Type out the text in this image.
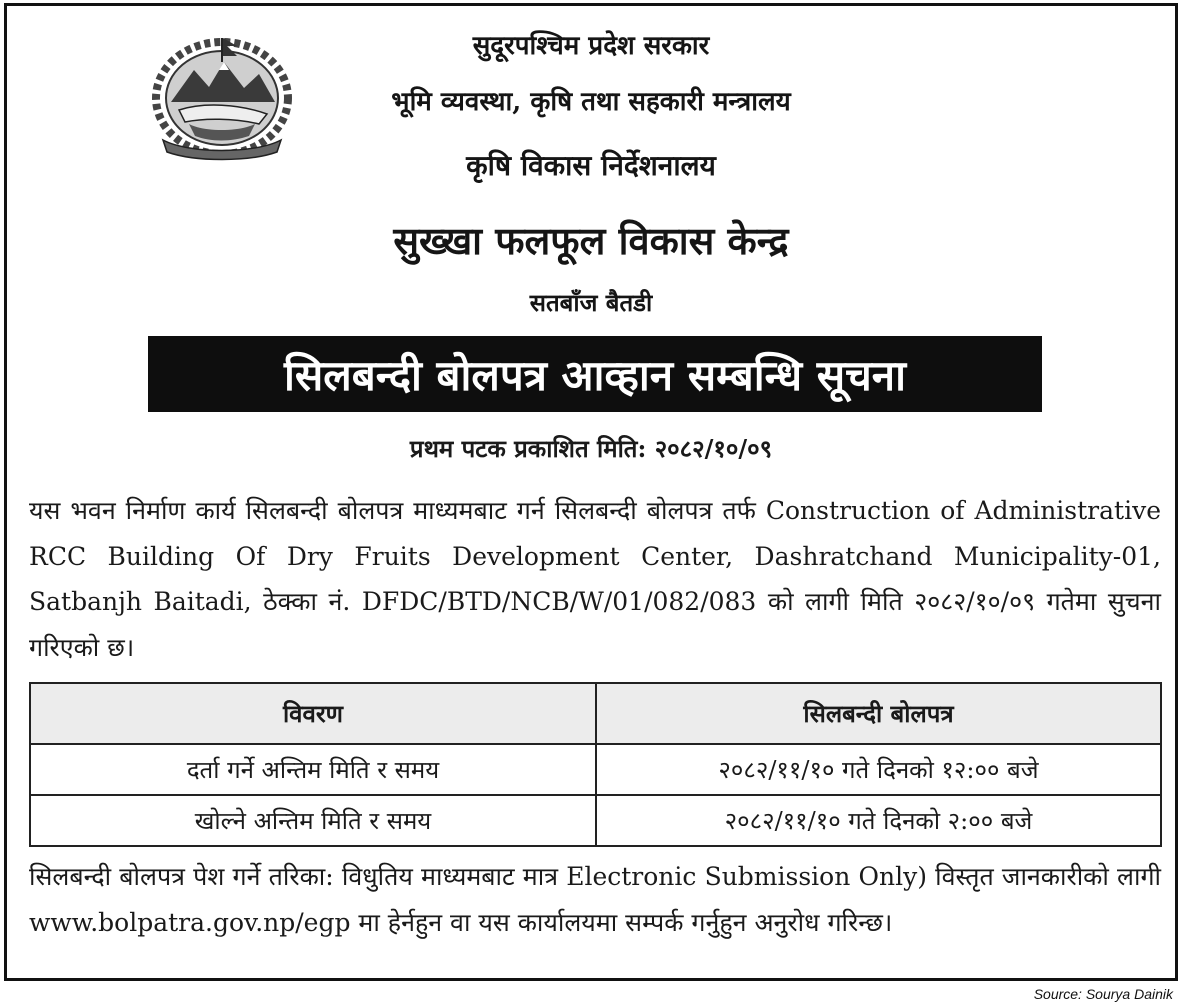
सुदूरपश्चिम प्रदेश सरकार
भूमि व्यवस्था, कृषि तथा सहकारी मन्त्रालय
कृषि विकास निर्देशनालय
सुख्खा फलफूल विकास केन्द्र
सतबाँज बैतडी
सिलबन्दी बोलपत्र आव्हान सम्बन्धि सूचना
प्रथम पटक प्रकाशित मिति: २०८२/१०/०९
यस भवन निर्माण कार्य सिलबन्दी बोलपत्र माध्यमबाट गर्न सिलबन्दी बोलपत्र तर्फ Construction of Administrative RCC Building Of Dry Fruits Development Center, Dashratchand Municipality-01, Satbanjh Baitadi, ठेक्का नं. DFDC/BTD/NCB/W/01/082/083 को लागी मिति २०८२/१०/०९ गतेमा सुचना गरिएको छ।
विवरण	सिलबन्दी बोलपत्र
दर्ता गर्ने अन्तिम मिति र समय	२०८२/११/१० गते दिनको १२:०० बजे
खोल्ने अन्तिम मिति र समय	२०८२/११/१० गते दिनको २:०० बजे
सिलबन्दी बोलपत्र पेश गर्ने तरिका: विधुतिय माध्यमबाट मात्र Electronic Submission Only) विस्तृत जानकारीको लागी www.bolpatra.gov.np/egp मा हेर्नहुन वा यस कार्यालयमा सम्पर्क गर्नुहुन अनुरोध गरिन्छ।
Source: Sourya Dainik
